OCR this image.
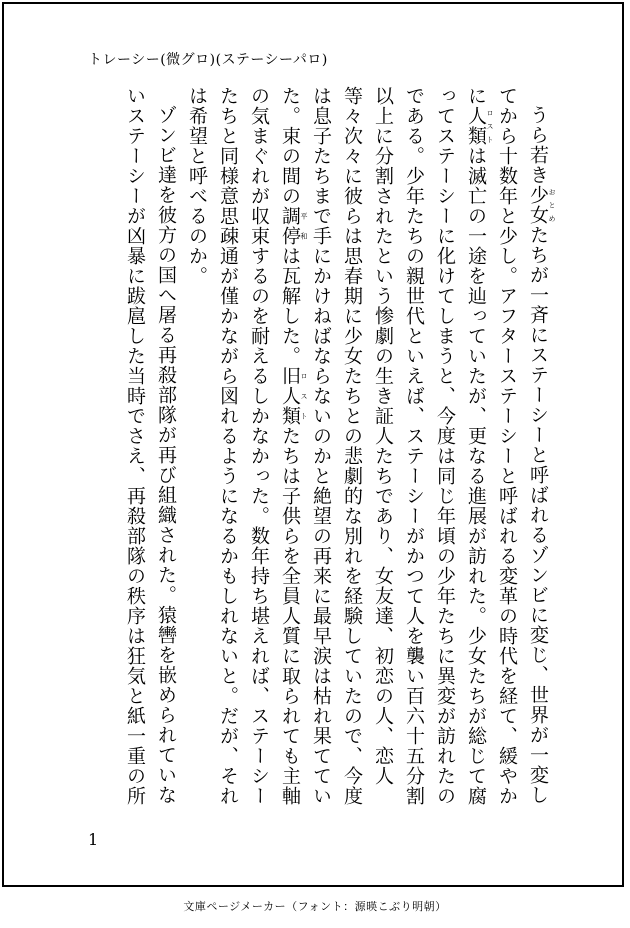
トレーシー(微グロ)(ステーシーパロ)

うら若き少女 おとめたちが一斉にステーシーと呼ばれるゾンビに変じ、世界が一変してから十数年と少し。アフターステーシーと呼ばれる変革の時代を経て、緩やかに人類 ロストは滅亡の一途を辿っていたが、更なる進展が訪れた。少女たちが総じて腐ってステーシーに化けてしまうと、今度は同じ年頃の少年たちに異変が訪れたのである。少年たちの親世代といえば、ステーシーがかつて人を襲い百六十五分割以上に分割されたという惨劇の生き証人たちであり、女友達、初恋の人、恋人等々次々に彼らは思春期に少女たちとの悲劇的な別れを経験していたので、今度は息子たちまで手にかけねばならないのかと絶望の再来に最早涙は枯れ果てていた。束の間の調停 平和は瓦解した。旧人類 ロストたちは子供らを全員人質に取られても主軸の気まぐれが収束するのを耐えるしかなかった。数年持ち堪えれば、ステーシーたちと同様意思疎通が僅かながら図れるようになるかもしれないと。だが、それは希望と呼べるのか。

ゾンビ達を彼方の国へ屠る再殺部隊が再び組織された。猿轡を嵌められていないステーシーが凶暴に跋扈した当時でさえ、再殺部隊の秩序は狂気と紙一重の所

1
文庫ページメーカー（フォント：源暎こぶり明朝）
